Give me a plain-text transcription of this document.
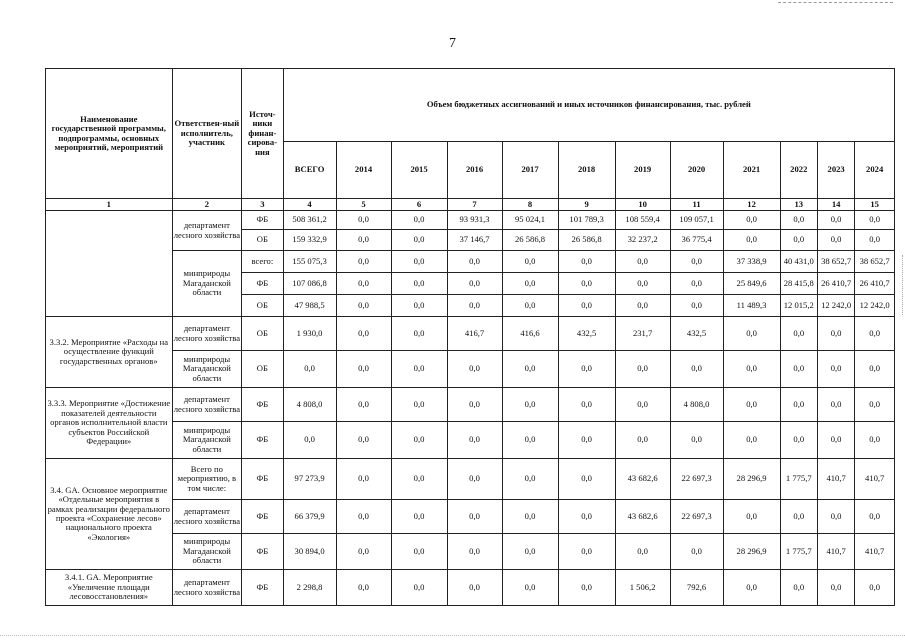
7
Наименование государственной программы, подпрограммы, основных мероприятий, мероприятий	Ответствен-ный исполнитель, участник	Источ-ники финан-сирова-ния	Объем бюджетных ассигнований и иных источников финансирования, тыс. рублей											
			ВСЕГО	2014	2015	2016	2017	2018	2019	2020	2021	2022	2023	2024
1	2	3	4	5	6	7	8	9	10	11	12	13	14	15
	департамент лесного хозяйства	ФБ	508 361,2	0,0	0,0	93 931,3	95 024,1	101 789,3	108 559,4	109 057,1	0,0	0,0	0,0	0,0
		ОБ	159 332,9	0,0	0,0	37 146,7	26 586,8	26 586,8	32 237,2	36 775,4	0,0	0,0	0,0	0,0
	минприроды Магаданской области	всего:	155 075,3	0,0	0,0	0,0	0,0	0,0	0,0	0,0	37 338,9	40 431,0	38 652,7	38 652,7
		ФБ	107 086,8	0,0	0,0	0,0	0,0	0,0	0,0	0,0	25 849,6	28 415,8	26 410,7	26 410,7
		ОБ	47 988,5	0,0	0,0	0,0	0,0	0,0	0,0	0,0	11 489,3	12 015,2	12 242,0	12 242,0
3.3.2. Мероприятие «Расходы на осуществление функций государственных органов»	департамент лесного хозяйства	ОБ	1 930,0	0,0	0,0	416,7	416,6	432,5	231,7	432,5	0,0	0,0	0,0	0,0
	минприроды Магаданской области	ОБ	0,0	0,0	0,0	0,0	0,0	0,0	0,0	0,0	0,0	0,0	0,0	0,0
3.3.3. Мероприятие «Достижение показателей деятельности органов исполнительной власти субъектов Российской Федерации»	департамент лесного хозяйства	ФБ	4 808,0	0,0	0,0	0,0	0,0	0,0	0,0	4 808,0	0,0	0,0	0,0	0,0
	минприроды Магаданской области	ФБ	0,0	0,0	0,0	0,0	0,0	0,0	0,0	0,0	0,0	0,0	0,0	0,0
3.4. GA. Основное мероприятие «Отдельные мероприятия в рамках реализации федерального проекта «Сохранение лесов» национального проекта «Экология»	Всего по мероприятию, в том числе:	ФБ	97 273,9	0,0	0,0	0,0	0,0	0,0	43 682,6	22 697,3	28 296,9	1 775,7	410,7	410,7
	департамент лесного хозяйства	ФБ	66 379,9	0,0	0,0	0,0	0,0	0,0	43 682,6	22 697,3	0,0	0,0	0,0	0,0
	минприроды Магаданской области	ФБ	30 894,0	0,0	0,0	0,0	0,0	0,0	0,0	0,0	28 296,9	1 775,7	410,7	410,7
3.4.1. GA. Мероприятие «Увеличение площади лесовосстановления»	департамент лесного хозяйства	ФБ	2 298,8	0,0	0,0	0,0	0,0	0,0	1 506,2	792,6	0,0	0,0	0,0	0,0
